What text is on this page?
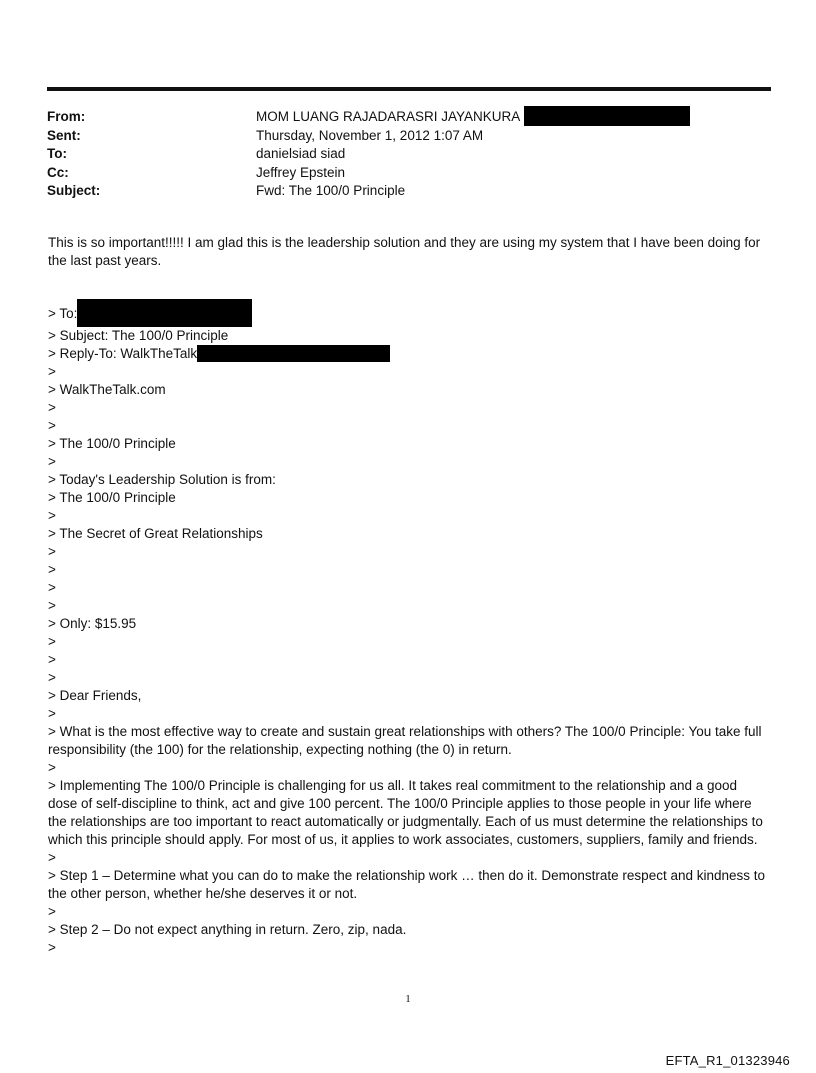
From:	MOM LUANG RAJADARASRI JAYANKURA
Sent:	Thursday, November 1, 2012 1:07 AM
To:	danielsiad siad
Cc:	Jeffrey Epstein
Subject:	Fwd: The 100/0 Principle
This is so important!!!!! I am glad this is the leadership solution and they are using my system that I have been doing for the last past years.
> To:
> Subject: The 100/0 Principle
> Reply-To: WalkTheTalk
>
> WalkTheTalk.com
>
>
> The 100/0 Principle
>
> Today's Leadership Solution is from:
> The 100/0 Principle
>
> The Secret of Great Relationships
>
>
>
>
> Only: $15.95
>
>
>
> Dear Friends,
>
> What is the most effective way to create and sustain great relationships with others? The 100/0 Principle: You take full responsibility (the 100) for the relationship, expecting nothing (the 0) in return.
>
> Implementing The 100/0 Principle is challenging for us all. It takes real commitment to the relationship and a good dose of self-discipline to think, act and give 100 percent. The 100/0 Principle applies to those people in your life where the relationships are too important to react automatically or judgmentally. Each of us must determine the relationships to which this principle should apply. For most of us, it applies to work associates, customers, suppliers, family and friends.
>
> Step 1 – Determine what you can do to make the relationship work … then do it. Demonstrate respect and kindness to the other person, whether he/she deserves it or not.
>
> Step 2 – Do not expect anything in return. Zero, zip, nada.
>
1
EFTA_R1_01323946
